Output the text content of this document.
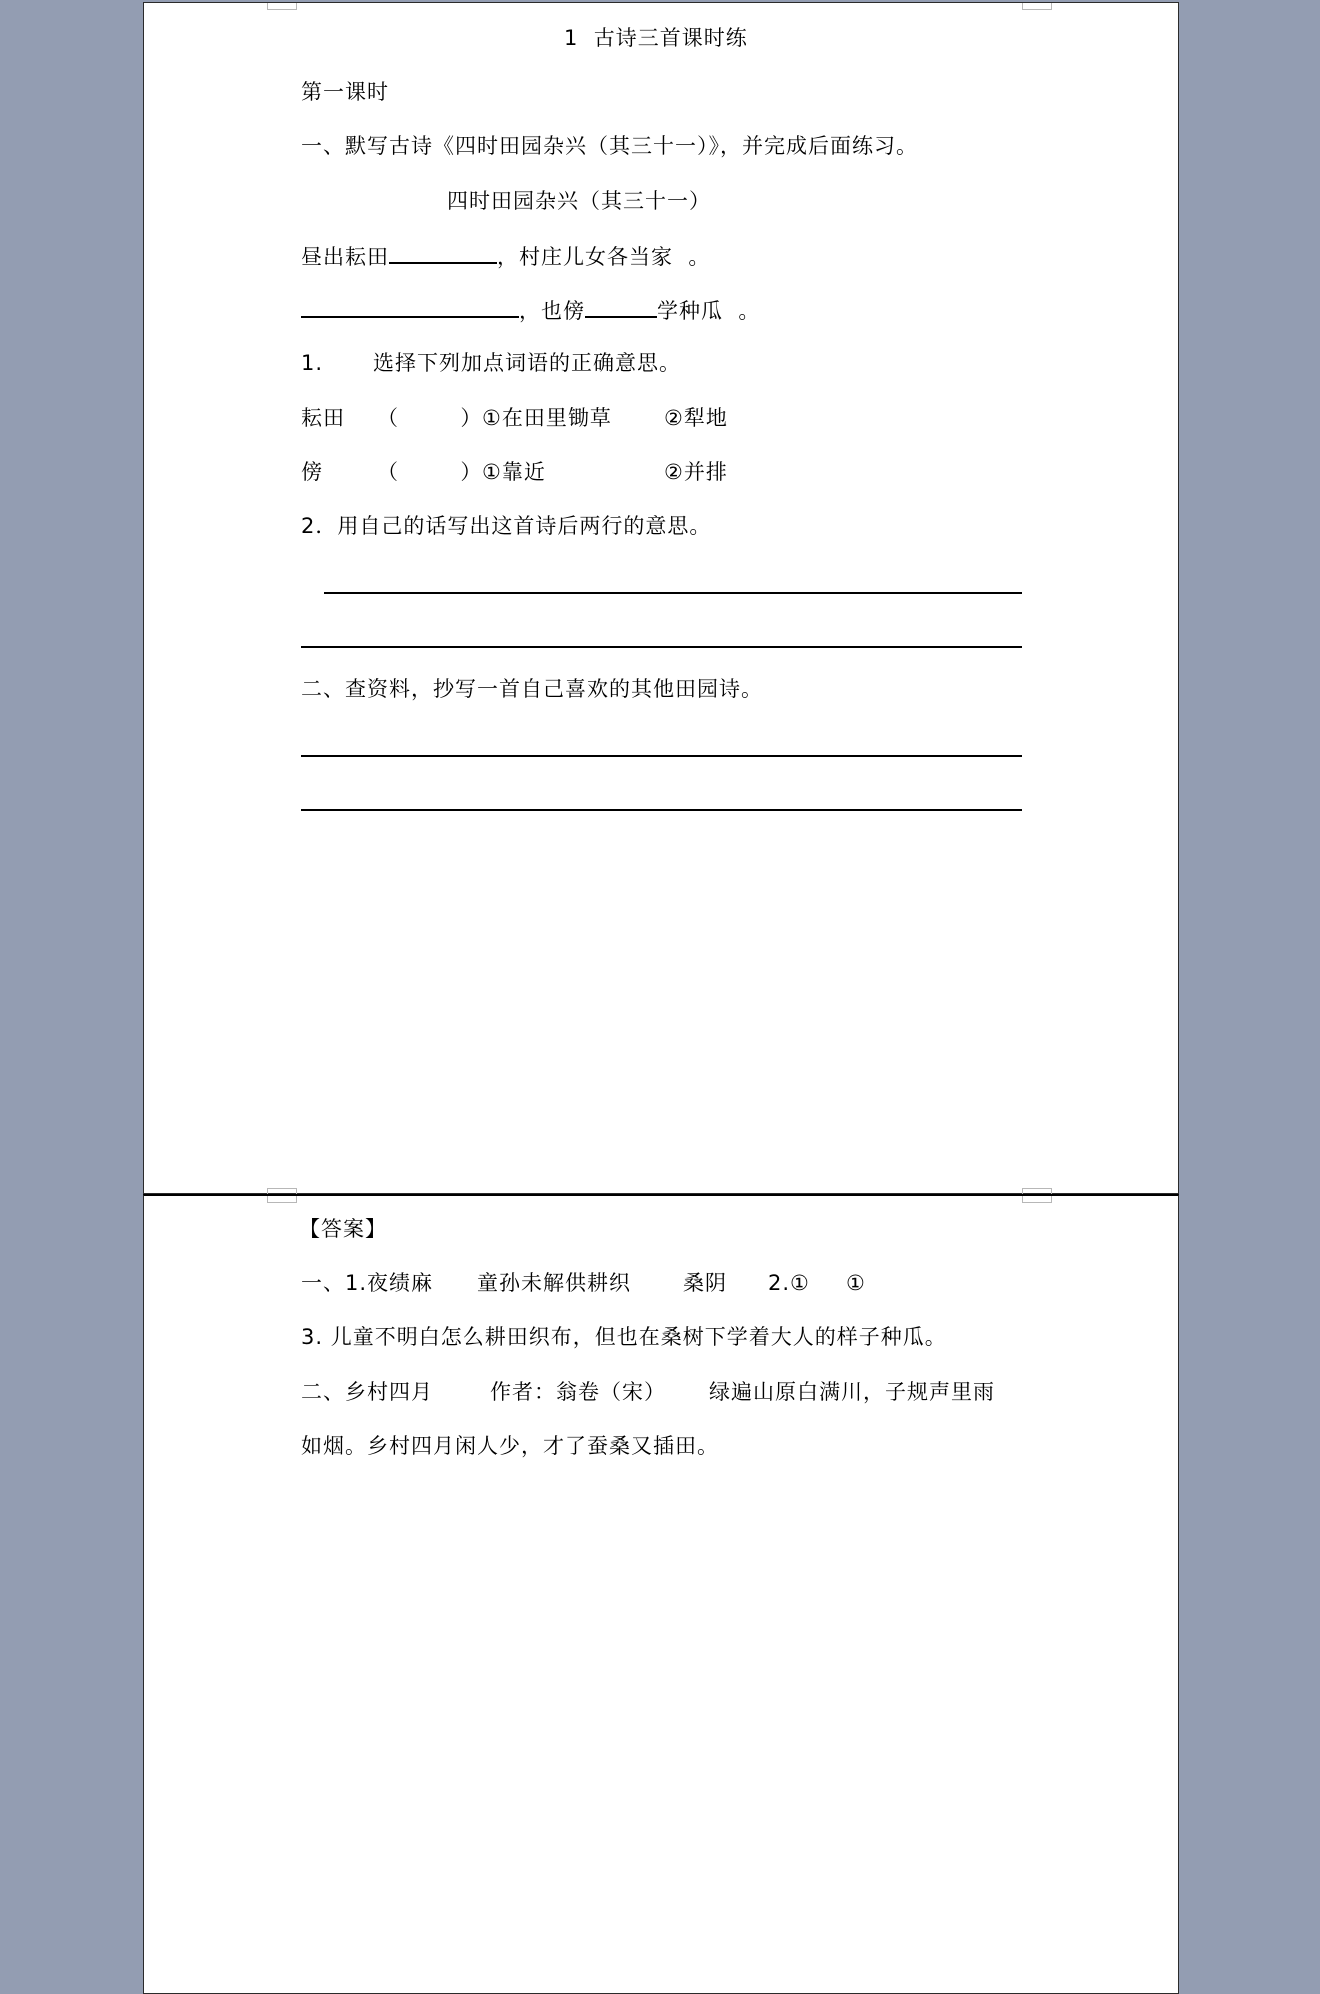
1  古诗三首课时练
第一课时
一、默写古诗《四时田园杂兴（其三十一）》，并完成后面练习。
四时田园杂兴（其三十一）
昼出耘田	，村庄儿女各当家  。
，也傍	学种瓜  。
1. 选择下列加点词语的正确意思。
耘田 （        ） ①在田里锄草 ②犁地
傍	（        ） ①靠近	②并排
2．用自己的话写出这首诗后两行的意思。
二、查资料，抄写一首自己喜欢的其他田园诗。
【答案】
一、1.夜绩麻 童孙未解供耕织 桑阴 2.① ①
3. 儿童不明白怎么耕田织布，但也在桑树下学着大人的样子种瓜。
二、乡村四月	作者：翁卷（宋） 绿遍山原白满川，子规声里雨
如烟。乡村四月闲人少，才了蚕桑又插田。
